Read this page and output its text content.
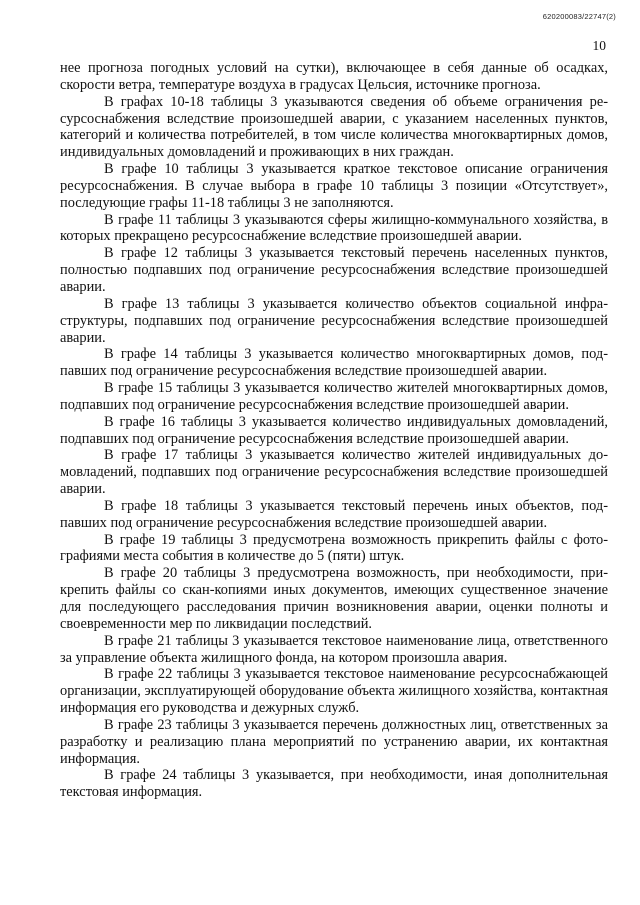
620200083/22747(2)
10

нее прогноза погодных условий на сутки), включающее в себя данные об осадках, скорости ветра, температуре воздуха в градусах Цельсия, источнике прогноза.

В графах 10-18 таблицы 3 указываются сведения об объеме ограничения ресурсоснабжения вследствие произошедшей аварии, с указанием населенных пунктов, категорий и количества потребителей, в том числе количества многоквартирных домов, индивидуальных домовладений и проживающих в них граждан.

В графе 10 таблицы 3 указывается краткое текстовое описание ограничения ресурсоснабжения. В случае выбора в графе 10 таблицы 3 позиции «Отсутствует», последующие графы 11-18 таблицы 3 не заполняются.

В графе 11 таблицы 3 указываются сферы жилищно-коммунального хозяйства, в которых прекращено ресурсоснабжение вследствие произошедшей аварии.

В графе 12 таблицы 3 указывается текстовый перечень населенных пунктов, полностью подпавших под ограничение ресурсоснабжения вследствие произошедшей аварии.

В графе 13 таблицы 3 указывается количество объектов социальной инфраструктуры, подпавших под ограничение ресурсоснабжения вследствие произошедшей аварии.

В графе 14 таблицы 3 указывается количество многоквартирных домов, подпавших под ограничение ресурсоснабжения вследствие произошедшей аварии.

В графе 15 таблицы 3 указывается количество жителей многоквартирных домов, подпавших под ограничение ресурсоснабжения вследствие произошедшей аварии.

В графе 16 таблицы 3 указывается количество индивидуальных домовладений, подпавших под ограничение ресурсоснабжения вследствие произошедшей аварии.

В графе 17 таблицы 3 указывается количество жителей индивидуальных домовладений, подпавших под ограничение ресурсоснабжения вследствие произошедшей аварии.

В графе 18 таблицы 3 указывается текстовый перечень иных объектов, подпавших под ограничение ресурсоснабжения вследствие произошедшей аварии.

В графе 19 таблицы 3 предусмотрена возможность прикрепить файлы с фотографиями места события в количестве до 5 (пяти) штук.

В графе 20 таблицы 3 предусмотрена возможность, при необходимости, прикрепить файлы со скан-копиями иных документов, имеющих существенное значение для последующего расследования причин возникновения аварии, оценки полноты и своевременности мер по ликвидации последствий.

В графе 21 таблицы 3 указывается текстовое наименование лица, ответственного за управление объекта жилищного фонда, на котором произошла авария.

В графе 22 таблицы 3 указывается текстовое наименование ресурсоснабжающей организации, эксплуатирующей оборудование объекта жилищного хозяйства, контактная информация его руководства и дежурных служб.

В графе 23 таблицы 3 указывается перечень должностных лиц, ответственных за разработку и реализацию плана мероприятий по устранению аварии, их контактная информация.

В графе 24 таблицы 3 указывается, при необходимости, иная дополнительная текстовая информация.
